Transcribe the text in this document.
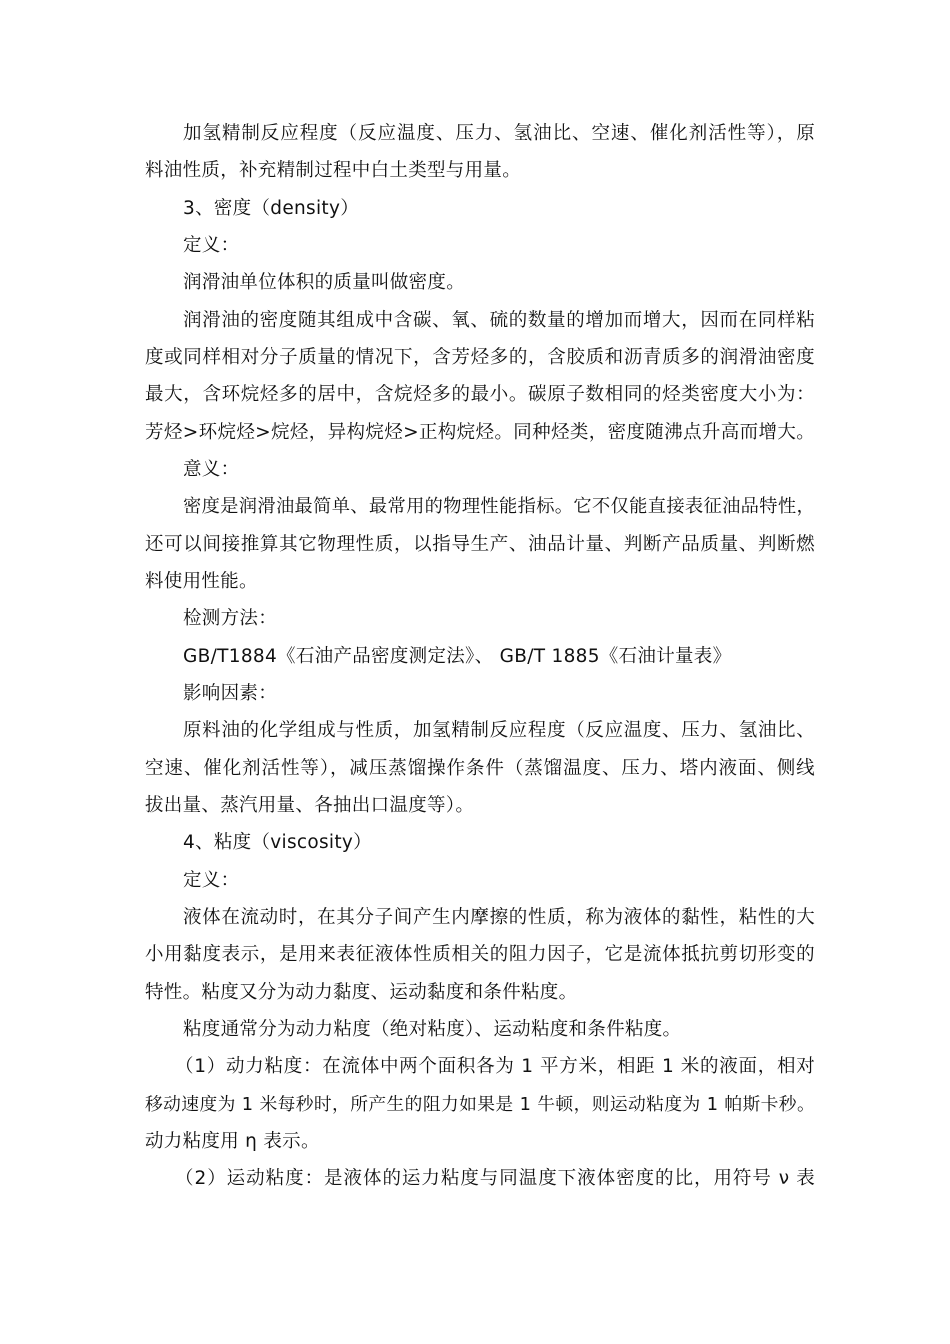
加氢精制反应程度（反应温度、压力、氢油比、空速、催化剂活性等），原
料油性质，补充精制过程中白土类型与用量。
3、密度（density）
定义：
润滑油单位体积的质量叫做密度。
润滑油的密度随其组成中含碳、氧、硫的数量的增加而增大，因而在同样粘
度或同样相对分子质量的情况下，含芳烃多的，含胶质和沥青质多的润滑油密度
最大，含环烷烃多的居中，含烷烃多的最小。碳原子数相同的烃类密度大小为：
芳烃>环烷烃>烷烃，异构烷烃>正构烷烃。同种烃类，密度随沸点升高而增大。
意义：
密度是润滑油最简单、最常用的物理性能指标。它不仅能直接表征油品特性，
还可以间接推算其它物理性质，以指导生产、油品计量、判断产品质量、判断燃
料使用性能。
检测方法：
GB/T1884《石油产品密度测定法》、 GB/T 1885《石油计量表》
影响因素：
原料油的化学组成与性质，加氢精制反应程度（反应温度、压力、氢油比、
空速、催化剂活性等），减压蒸馏操作条件（蒸馏温度、压力、塔内液面、侧线
拔出量、蒸汽用量、各抽出口温度等）。
4、粘度（viscosity）
定义：
液体在流动时，在其分子间产生内摩擦的性质，称为液体的黏性，粘性的大
小用黏度表示，是用来表征液体性质相关的阻力因子，它是流体抵抗剪切形变的
特性。粘度又分为动力黏度、运动黏度和条件粘度。
粘度通常分为动力粘度（绝对粘度）、运动粘度和条件粘度。
（1）动力粘度：在流体中两个面积各为 1 平方米，相距 1 米的液面，相对
移动速度为 1 米每秒时，所产生的阻力如果是 1 牛顿，则运动粘度为 1 帕斯卡秒。
动力粘度用 η 表示。
（2）运动粘度：是液体的运力粘度与同温度下液体密度的比，用符号 ν 表
